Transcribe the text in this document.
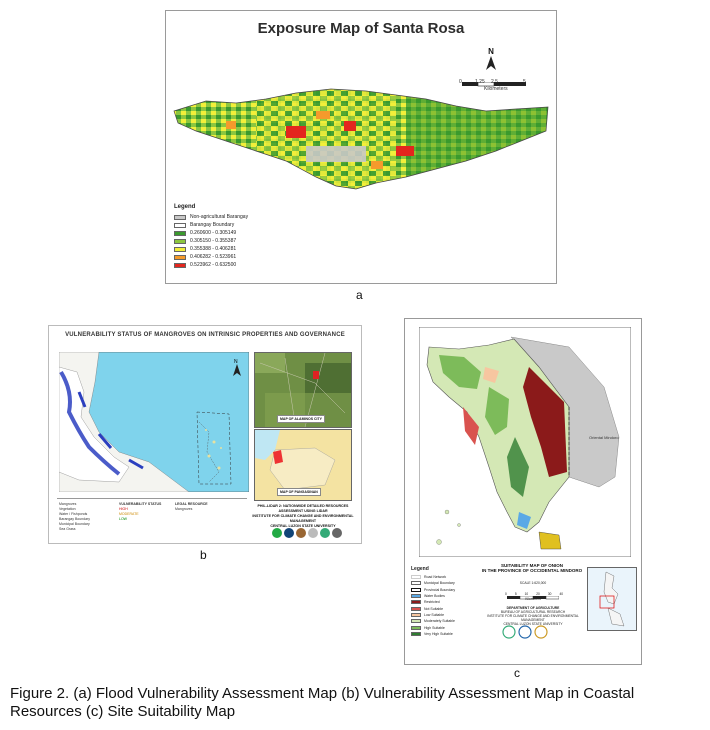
Exposure Map of Santa Rosa
N
0	1.25 2.5	5
Kilometers
Legend
Non-agricultural Barangay
Barangay Boundary
0.260600 - 0.305149
0.305150 - 0.355387
0.355388 - 0.406281
0.406282 - 0.523961
0.523962 - 0.632500
a
VULNERABILITY STATUS OF MANGROVES ON INTRINSIC PROPERTIES AND GOVERNANCE
N
MAP OF ALAMINOS CITY
MAP OF PANGASINAN
Mangroves
Vegetation
Water / Fishponds
Barangay Boundary
Municipal Boundary
Sea Grass
VULNERABILITY STATUS
HIGH
MODERATE
LOW
LEGAL RESOURCE
Mangroves
PHIL-LIDAR 2: NATIONWIDE DETAILED RESOURCES ASSESSMENT USING LIDAR
INSTITUTE FOR CLIMATE CHANGE AND ENVIRONMENTAL MANAGEMENT
CENTRAL LUZON STATE UNIVERSITY
b
Oriental Mindoro
Legend
Road Network
Municipal Boundary
Provincial Boundary
Water Bodies
Restricted
Not Suitable
Low Suitable
Moderately Suitable
High Suitable
Very High Suitable
SUITABILITY MAP OF ONION
IN THE PROVINCE OF OCCIDENTAL MINDORO
SCALE 1:620,000
0	5	10	20	30	40
Kilometers
DEPARTMENT OF AGRICULTURE
BUREAU OF AGRICULTURAL RESEARCH
INSTITUTE FOR CLIMATE CHANGE AND ENVIRONMENTAL MANAGEMENT
CENTRAL LUZON STATE UNIVERSITY
c
Figure 2. (a) Flood Vulnerability Assessment Map (b) Vulnerability Assessment Map in Coastal Resources (c) Site Suitability Map
